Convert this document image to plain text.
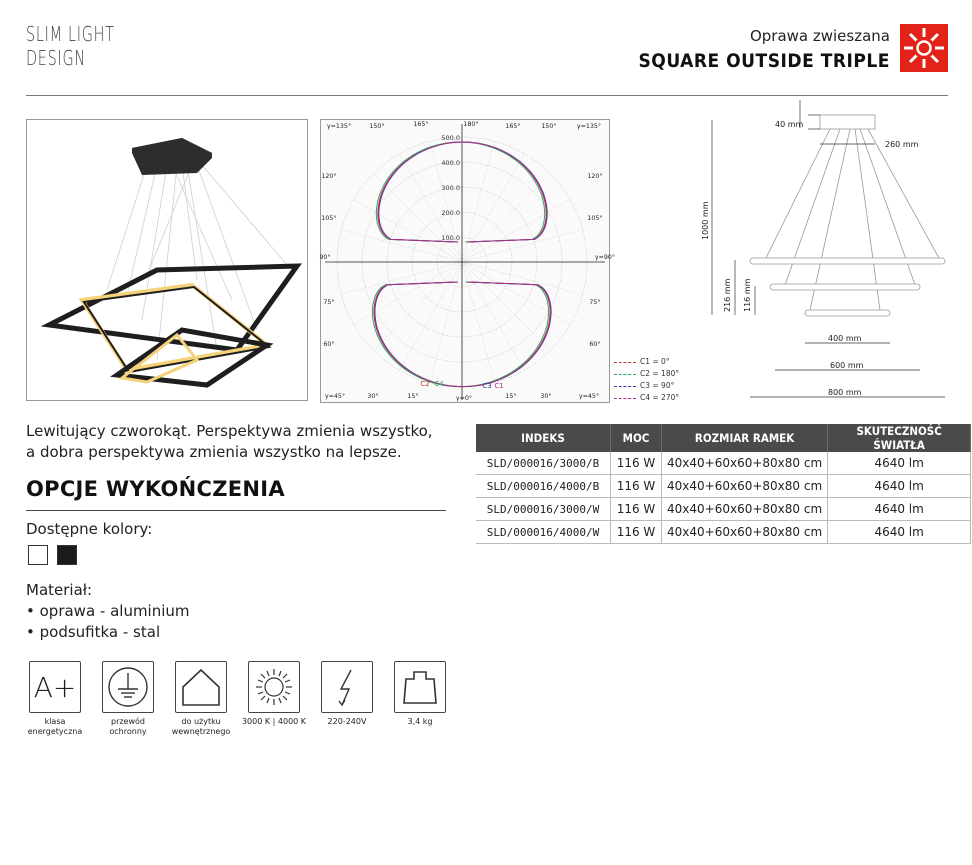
SLIM LIGHT
DESIGN
Oprawa zwieszana
SQUARE OUTSIDE TRIPLE
500.0
400.0
300.0
200.0
100.0
γ=135°	150°	165°	180°	165°	150°	γ=135°
120°	120°
105°	105°
90°	γ=90°
75°	75°
60°	60°
γ=45°	30°	15°	γ=0°	15°	30°	γ=45°
C2 C4	C3 C1
C1 = 0°
C2 = 180°
C3 = 90°
C4 = 270°
40 mm
260 mm
1000 mm
216 mm 116 mm
400 mm
600 mm
800 mm
Lewitujący czworokąt. Perspektywa zmienia wszystko,
a dobra perspektywa zmienia wszystko na lepsze.
OPCJE WYKOŃCZENIA
Dostępne kolory:
Materiał:
• oprawa - aluminium
• podsufitka - stal
INDEKS	MOC	ROZMIAR RAMEK	SKUTECZNOŚĆ ŚWIATŁA
SLD/000016/3000/B	116 W	40x40+60x60+80x80 cm	4640 lm
SLD/000016/4000/B	116 W	40x40+60x60+80x80 cm	4640 lm
SLD/000016/3000/W	116 W	40x40+60x60+80x80 cm	4640 lm
SLD/000016/4000/W	116 W	40x40+60x60+80x80 cm	4640 lm
A+
klasa energetyczna
przewód ochronny
do użytku wewnętrznego
3000 K | 4000 K	220-240V	3,4 kg
